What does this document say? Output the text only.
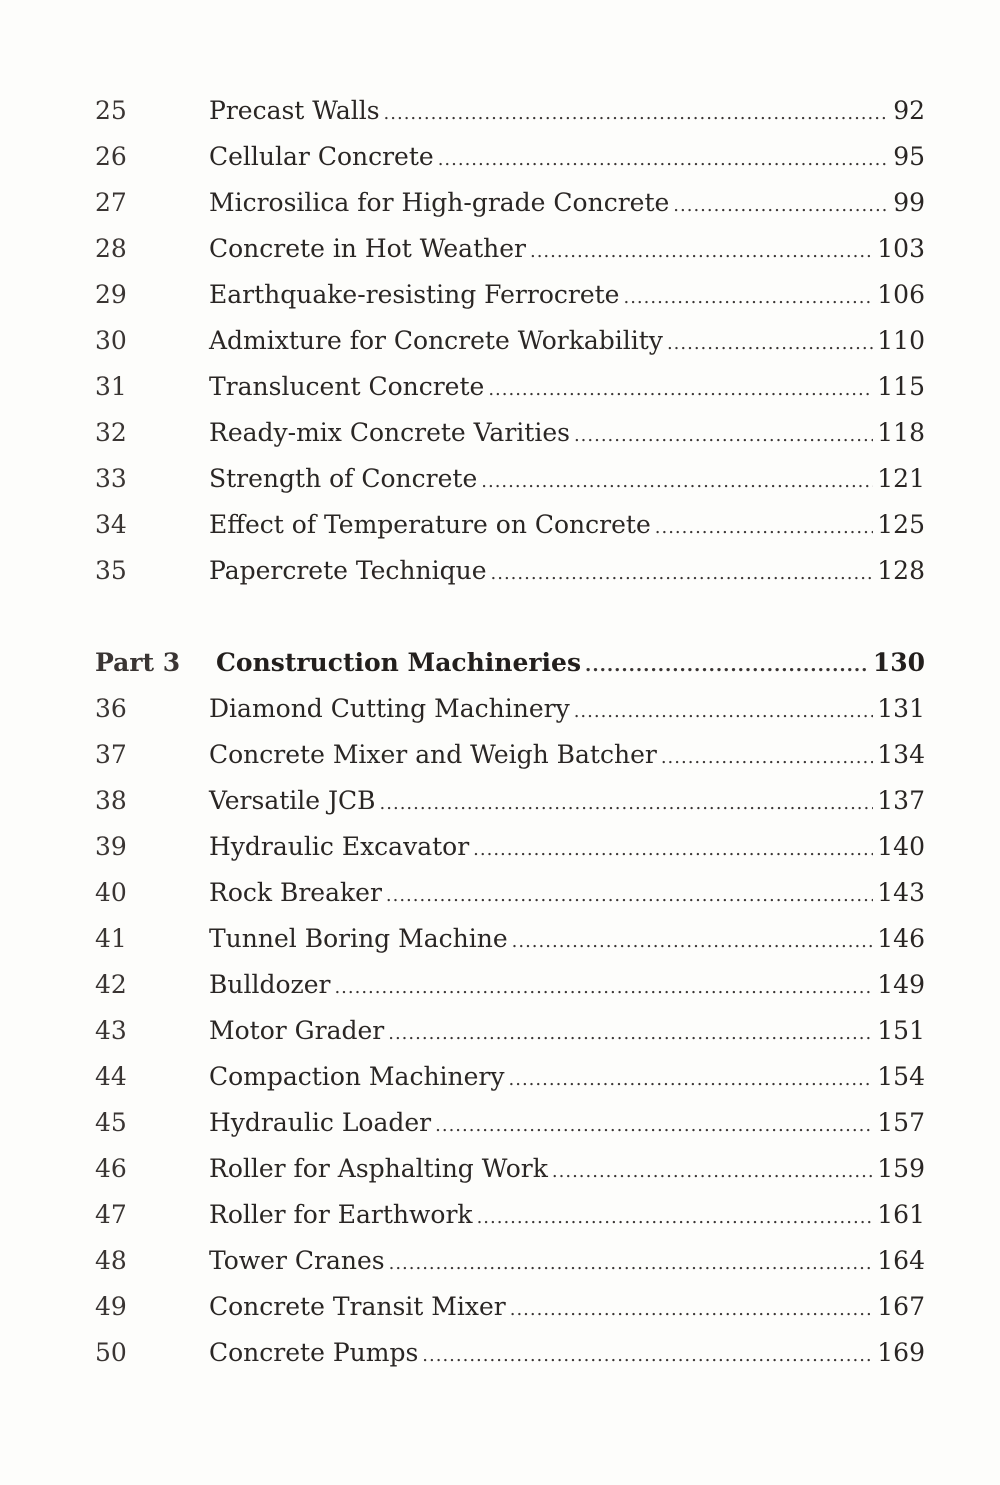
25	Precast Walls .....	92
26	Cellular Concrete .....	95
27	Microsilica for High-grade Concrete .....	99
28	Concrete in Hot Weather .....	103
29	Earthquake-resisting Ferrocrete .....	106
30	Admixture for Concrete Workability .....	110
31	Translucent Concrete .....	115
32	Ready-mix Concrete Varities .....	118
33	Strength of Concrete .....	121
34	Effect of Temperature on Concrete .....	125
35	Papercrete Technique .....	128
Part 3	Construction Machineries .....	130
36	Diamond Cutting Machinery .....	131
37	Concrete Mixer and Weigh Batcher .....	134
38	Versatile JCB .....	137
39	Hydraulic Excavator .....	140
40	Rock Breaker .....	143
41	Tunnel Boring Machine .....	146
42	Bulldozer .....	149
43	Motor Grader .....	151
44	Compaction Machinery .....	154
45	Hydraulic Loader .....	157
46	Roller for Asphalting Work .....	159
47	Roller for Earthwork .....	161
48	Tower Cranes .....	164
49	Concrete Transit Mixer .....	167
50	Concrete Pumps .....	169
